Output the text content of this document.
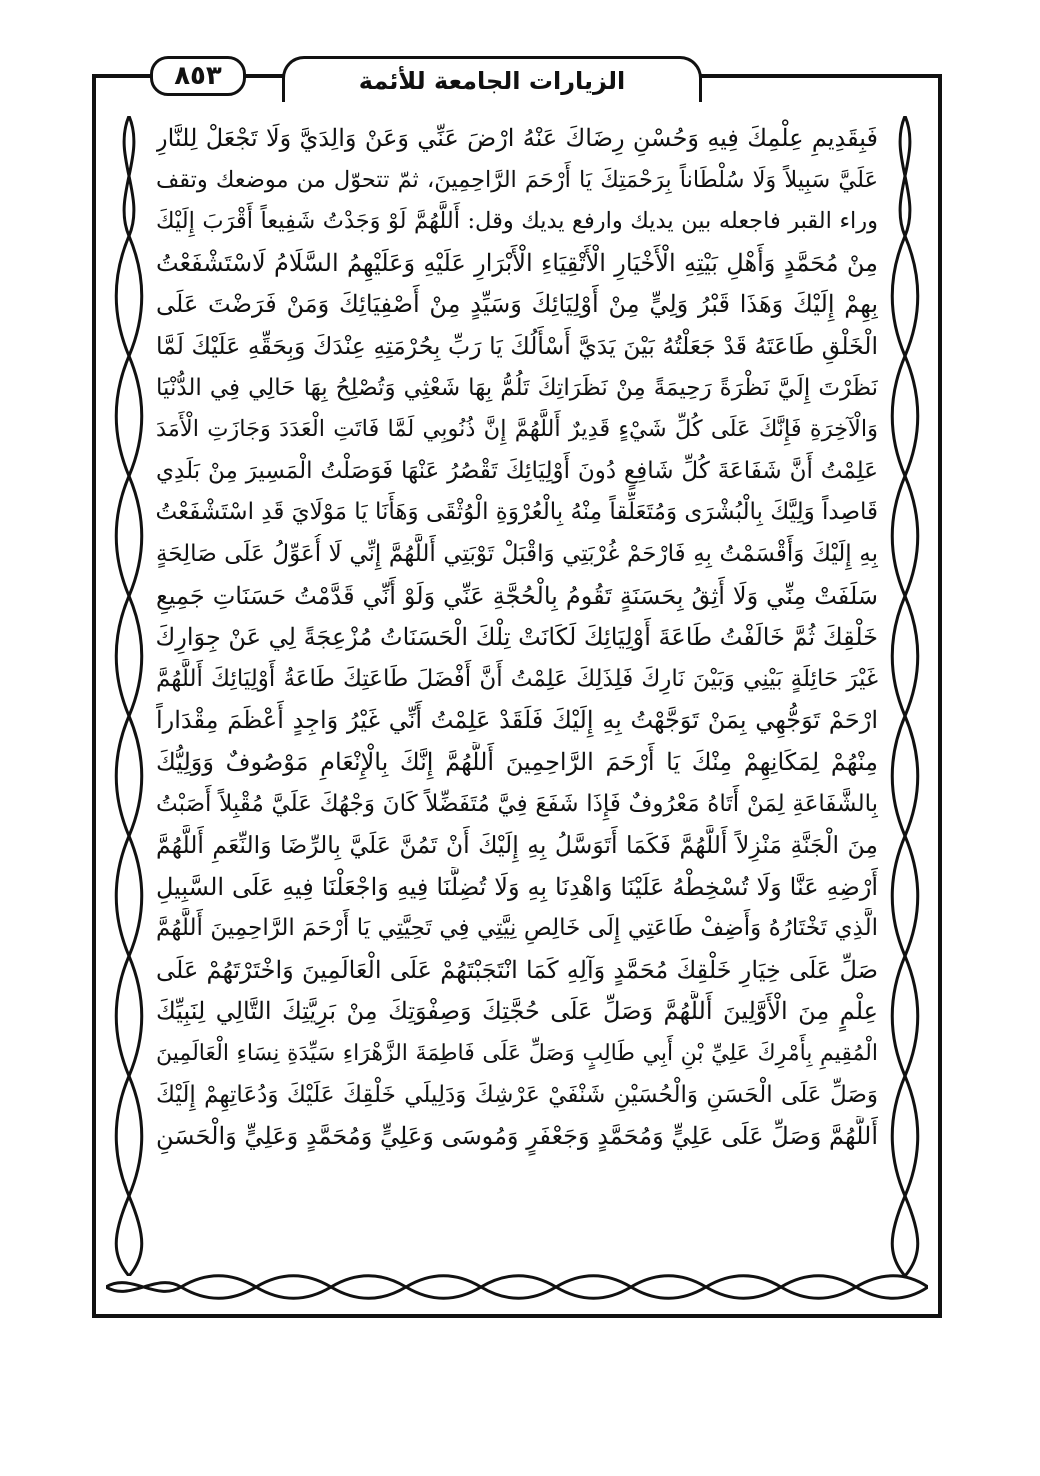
الزيارات الجامعة للأئمة
٨٥٣
فَبِقَدِيمِ عِلْمِكَ فِيهِ وَحُسْنِ رِضَاكَ عَنْهُ ارْضَ عَنِّي وَعَنْ وَالِدَيَّ وَلَا تَجْعَلْ لِلنَّارِ
عَلَيَّ سَبِيلاً وَلَا سُلْطَاناً بِرَحْمَتِكَ يَا أَرْحَمَ الرَّاحِمِينَ، ثمّ تتحوّل من موضعك وتقف
وراء القبر فاجعله بين يديك وارفع يديك وقل: أَللَّهُمَّ لَوْ وَجَدْتُ شَفِيعاً أَقْرَبَ إِلَيْكَ
مِنْ مُحَمَّدٍ وَأَهْلِ بَيْتِهِ الْأَخْيَارِ الْأَتْقِيَاءِ الْأَبْرَارِ عَلَيْهِ وَعَلَيْهِمُ السَّلَامُ لَاسْتَشْفَعْتُ
بِهِمْ إِلَيْكَ وَهَذَا قَبْرُ وَلِيٍّ مِنْ أَوْلِيَائِكَ وَسَيِّدٍ مِنْ أَصْفِيَائِكَ وَمَنْ فَرَضْتَ عَلَى
الْخَلْقِ طَاعَتَهُ قَدْ جَعَلْتُهُ بَيْنَ يَدَيَّ أَسْأَلُكَ يَا رَبِّ بِحُرْمَتِهِ عِنْدَكَ وَبِحَقِّهِ عَلَيْكَ لَمَّا
نَظَرْتَ إِلَيَّ نَظْرَةً رَحِيمَةً مِنْ نَظَرَاتِكَ تَلُمُّ بِهَا شَعْثِي وَتُصْلِحُ بِهَا حَالِي فِي الدُّنْيَا
وَالْآخِرَةِ فَإِنَّكَ عَلَى كُلِّ شَيْءٍ قَدِيرٌ أَللَّهُمَّ إِنَّ ذُنُوبِي لَمَّا فَاتَتِ الْعَدَدَ وَجَازَتِ الْأَمَدَ
عَلِمْتُ أَنَّ شَفَاعَةَ كُلِّ شَافِعٍ دُونَ أَوْلِيَائِكَ تَقْصُرُ عَنْهَا فَوَصَلْتُ الْمَسِيرَ مِنْ بَلَدِي
قَاصِداً وَلِيَّكَ بِالْبُشْرَى وَمُتَعَلِّقاً مِنْهُ بِالْعُرْوَةِ الْوُثْقَى وَهَأَنَا يَا مَوْلَايَ قَدِ اسْتَشْفَعْتُ
بِهِ إِلَيْكَ وَأَقْسَمْتُ بِهِ فَارْحَمْ غُرْبَتِي وَاقْبَلْ تَوْبَتِي أَللَّهُمَّ إِنِّي لَا أُعَوِّلُ عَلَى صَالِحَةٍ
سَلَفَتْ مِنِّي وَلَا أَثِقُ بِحَسَنَةٍ تَقُومُ بِالْحُجَّةِ عَنِّي وَلَوْ أَنِّي قَدَّمْتُ حَسَنَاتِ جَمِيعِ
خَلْقِكَ ثُمَّ خَالَفْتُ طَاعَةَ أَوْلِيَائِكَ لَكَانَتْ تِلْكَ الْحَسَنَاتُ مُزْعِجَةً لِي عَنْ جِوَارِكَ
غَيْرَ حَائِلَةٍ بَيْنِي وَبَيْنَ نَارِكَ فَلِذَلِكَ عَلِمْتُ أَنَّ أَفْضَلَ طَاعَتِكَ طَاعَةُ أَوْلِيَائِكَ أَللَّهُمَّ
ارْحَمْ تَوَجُّهِي بِمَنْ تَوَجَّهْتُ بِهِ إِلَيْكَ فَلَقَدْ عَلِمْتُ أَنِّي غَيْرُ وَاجِدٍ أَعْظَمَ مِقْدَاراً
مِنْهُمْ لِمَكَانِهِمْ مِنْكَ يَا أَرْحَمَ الرَّاحِمِينَ أَللَّهُمَّ إِنَّكَ بِالْإِنْعَامِ مَوْصُوفٌ وَوَلِيُّكَ
بِالشَّفَاعَةِ لِمَنْ أَتَاهُ مَعْرُوفٌ فَإِذَا شَفَعَ فِيَّ مُتَفَضِّلاً كَانَ وَجْهُكَ عَلَيَّ مُقْبِلاً أَصَبْتُ
مِنَ الْجَنَّةِ مَنْزِلاً أَللَّهُمَّ فَكَمَا أَتَوَسَّلُ بِهِ إِلَيْكَ أَنْ تَمُنَّ عَلَيَّ بِالرِّضَا وَالنِّعَمِ أَللَّهُمَّ
أَرْضِهِ عَنَّا وَلَا تُسْخِطْهُ عَلَيْنَا وَاهْدِنَا بِهِ وَلَا تُضِلَّنَا فِيهِ وَاجْعَلْنَا فِيهِ عَلَى السَّبِيلِ
الَّذِي تَخْتَارُهُ وَأَضِفْ طَاعَتِي إِلَى خَالِصِ نِيَّتِي فِي تَحِيَّتِي يَا أَرْحَمَ الرَّاحِمِينَ أَللَّهُمَّ
صَلِّ عَلَى خِيَارِ خَلْقِكَ مُحَمَّدٍ وَآلِهِ كَمَا انْتَجَبْتَهُمْ عَلَى الْعَالَمِينَ وَاخْتَرْتَهُمْ عَلَى
عِلْمٍ مِنَ الْأَوَّلِينَ أَللَّهُمَّ وَصَلِّ عَلَى حُجَّتِكَ وَصِفْوَتِكَ مِنْ بَرِيَّتِكَ التَّالِي لِنَبِيِّكَ
الْمُقِيمِ بِأَمْرِكَ عَلِيِّ بْنِ أَبِي طَالِبٍ وَصَلِّ عَلَى فَاطِمَةَ الزَّهْرَاءِ سَيِّدَةِ نِسَاءِ الْعَالَمِينَ
وَصَلِّ عَلَى الْحَسَنِ وَالْحُسَيْنِ شَنْفَيْ عَرْشِكَ وَدَلِيلَي خَلْقِكَ عَلَيْكَ وَدُعَاتِهِمْ إِلَيْكَ
أَللَّهُمَّ وَصَلِّ عَلَى عَلِيٍّ وَمُحَمَّدٍ وَجَعْفَرٍ وَمُوسَى وَعَلِيٍّ وَمُحَمَّدٍ وَعَلِيٍّ وَالْحَسَنِ
